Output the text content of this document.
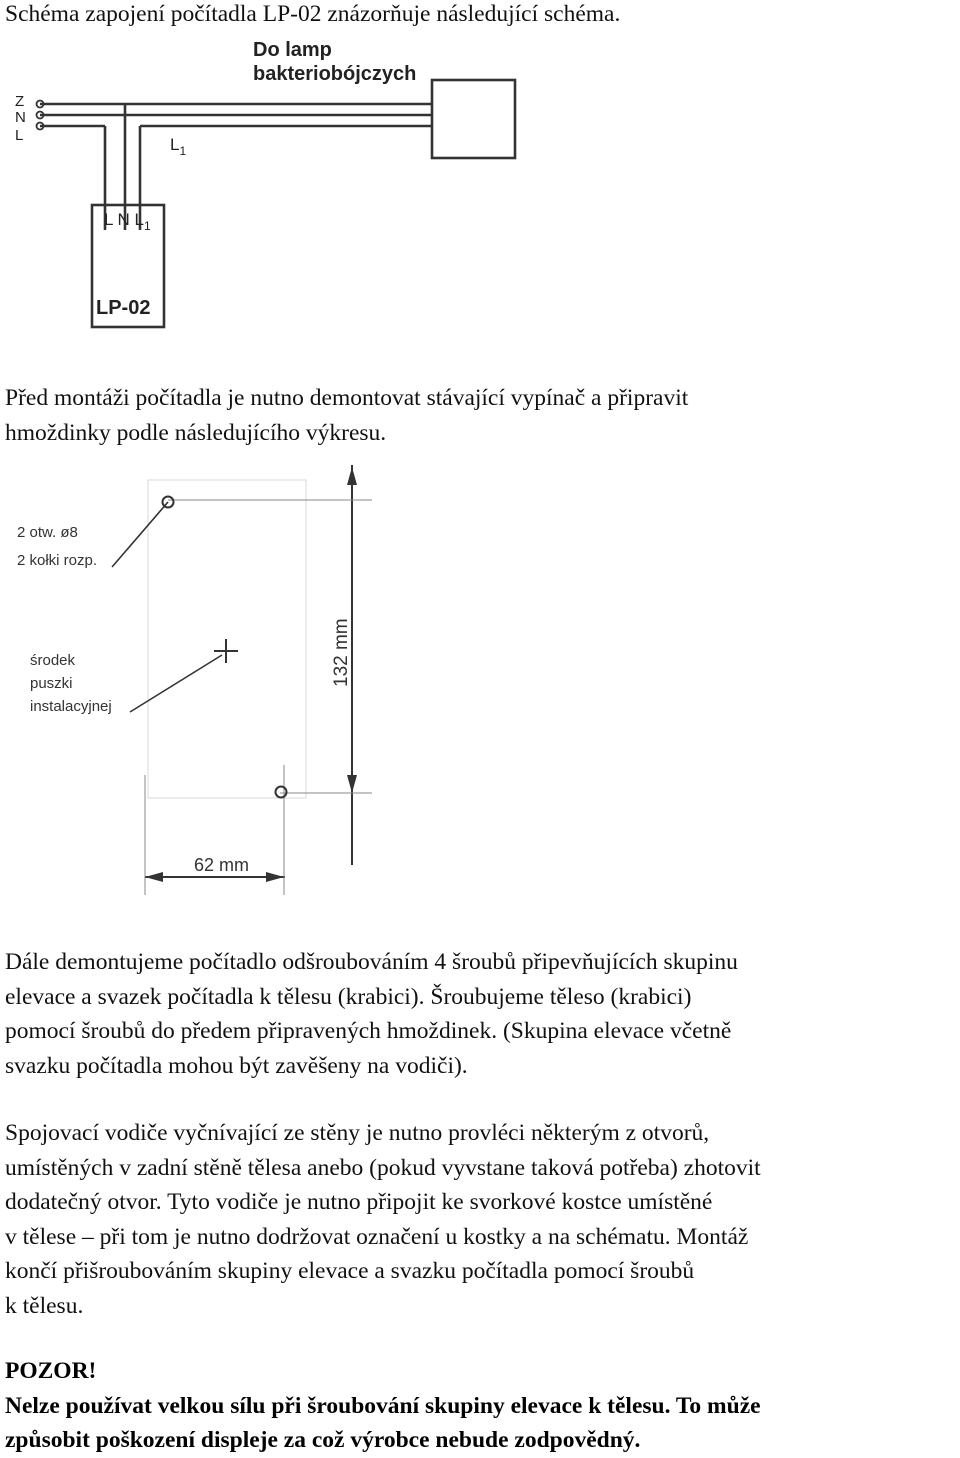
Schéma zapojení počítadla LP-02 znázorňuje následující schéma.

Do lamp
bakteriobójczych
Z
N
L	$L_1$
L N $L_1$
LP-02

Před montáži počítadla je nutno demontovat stávající vypínač a připravit
hmoždinky podle následujícího výkresu.

2 otw. ø8
2 kołki rozp.
środek
puszki
instalacyjnej
132 mm
62 mm

Dále demontujeme počítadlo odšroubováním 4 šroubů připevňujících skupinu
elevace a svazek počítadla k tělesu (krabici). Šroubujeme těleso (krabici)
pomocí šroubů do předem připravených hmoždinek. (Skupina elevace včetně
svazku počítadla mohou být zavěšeny na vodiči).

Spojovací vodiče vyčnívající ze stěny je nutno provléci některým z otvorů,
umístěných v zadní stěně tělesa anebo (pokud vyvstane taková potřeba) zhotovit
dodatečný otvor. Tyto vodiče je nutno připojit ke svorkové kostce umístěné
v tělese – při tom je nutno dodržovat označení u kostky a na schématu. Montáž
končí přišroubováním skupiny elevace a svazku počítadla pomocí šroubů
k tělesu.

POZOR!
Nelze používat velkou sílu při šroubování skupiny elevace k tělesu. To může
způsobit poškození displeje za což výrobce nebude zodpovědný.
